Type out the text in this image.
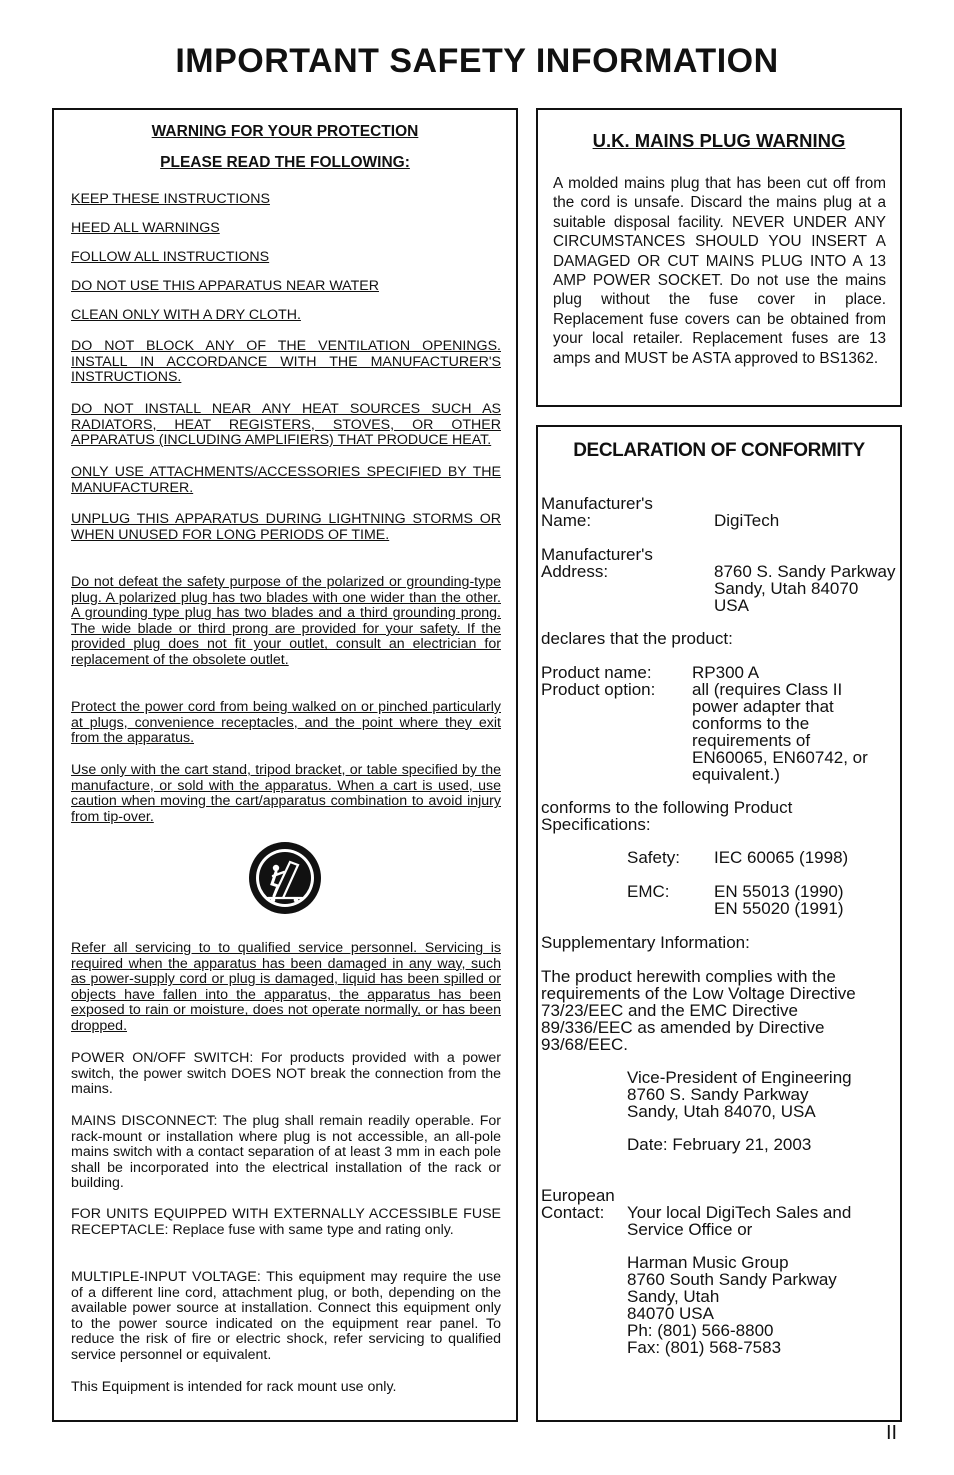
IMPORTANT SAFETY INFORMATION
WARNING FOR YOUR PROTECTION
PLEASE READ THE FOLLOWING:
KEEP THESE INSTRUCTIONS
HEED ALL WARNINGS
FOLLOW ALL INSTRUCTIONS
DO NOT USE THIS APPARATUS NEAR WATER
CLEAN ONLY WITH A DRY CLOTH.
DO NOT BLOCK ANY OF THE VENTILATION OPENINGS. INSTALL IN ACCORDANCE WITH THE MANUFACTURER'S INSTRUCTIONS.
DO NOT INSTALL NEAR ANY HEAT SOURCES SUCH AS RADIATORS, HEAT REGISTERS, STOVES, OR OTHER APPARATUS (INCLUDING AMPLIFIERS) THAT PRODUCE HEAT.
ONLY USE ATTACHMENTS/ACCESSORIES SPECIFIED BY THE MANUFACTURER.
UNPLUG THIS APPARATUS DURING LIGHTNING STORMS OR WHEN UNUSED FOR LONG PERIODS OF TIME.
Do not defeat the safety purpose of the polarized or grounding-type plug. A polarized plug has two blades with one wider than the other. A grounding type plug has two blades and a third grounding prong. The wide blade or third prong are provided for your safety. If the provided plug does not fit your outlet, consult an electrician for replacement of the obsolete outlet.
Protect the power cord from being walked on or pinched particularly at plugs, convenience receptacles, and the point where they exit from the apparatus.
Use only with the cart stand, tripod bracket, or table specified by the manufacture, or sold with the apparatus. When a cart is used, use caution when moving the cart/apparatus combination to avoid injury from tip-over.
Refer all servicing to to qualified service personnel. Servicing is required when the apparatus has been damaged in any way, such as power-supply cord or plug is damaged, liquid has been spilled or objects have fallen into the apparatus, the apparatus has been exposed to rain or moisture, does not operate normally, or has been dropped.
POWER ON/OFF SWITCH: For products provided with a power switch, the power switch DOES NOT break the connection from the mains.
MAINS DISCONNECT: The plug shall remain readily operable. For rack-mount or installation where plug is not accessible, an all-pole mains switch with a contact separation of at least 3 mm in each pole shall be incorporated into the electrical installation of the rack or building.
FOR UNITS EQUIPPED WITH EXTERNALLY ACCESSIBLE FUSE RECEPTACLE: Replace fuse with same type and rating only.
MULTIPLE-INPUT VOLTAGE: This equipment may require the use of a different line cord, attachment plug, or both, depending on the available power source at installation. Connect this equipment only to the power source indicated on the equipment rear panel. To reduce the risk of fire or electric shock, refer servicing to qualified service personnel or equivalent.
This Equipment is intended for rack mount use only.
U.K. MAINS PLUG WARNING
A molded mains plug that has been cut off from the cord is unsafe. Discard the mains plug at a suitable disposal facility. NEVER UNDER ANY CIRCUMSTANCES SHOULD YOU INSERT A DAMAGED OR CUT MAINS PLUG INTO A 13 AMP POWER SOCKET. Do not use the mains plug without the fuse cover in place. Replacement fuse covers can be obtained from your local retailer. Replacement fuses are 13 amps and MUST be ASTA approved to BS1362.
DECLARATION OF CONFORMITY
Manufacturer's
Name:	DigiTech
Manufacturer's
Address:	8760 S. Sandy Parkway
Sandy, Utah 84070
USA
declares that the product:
Product name: RP300 A
Product option: all (requires Class II
power adapter that
conforms to the
requirements of
EN60065, EN60742, or
equivalent.)
conforms to the following Product
Specifications:
Safety: IEC 60065 (1998)
EMC:	EN 55013 (1990)
EN 55020 (1991)
Supplementary Information:
The product herewith complies with the
requirements of the Low Voltage Directive
73/23/EEC and the EMC Directive
89/336/EEC as amended by Directive
93/68/EEC.
Vice-President of Engineering
8760 S. Sandy Parkway
Sandy, Utah 84070, USA
Date: February 21, 2003
European
Contact: Your local DigiTech Sales and
Service Office or
Harman Music Group
8760 South Sandy Parkway
Sandy, Utah
84070 USA
Ph: (801) 566-8800
Fax: (801) 568-7583
II
